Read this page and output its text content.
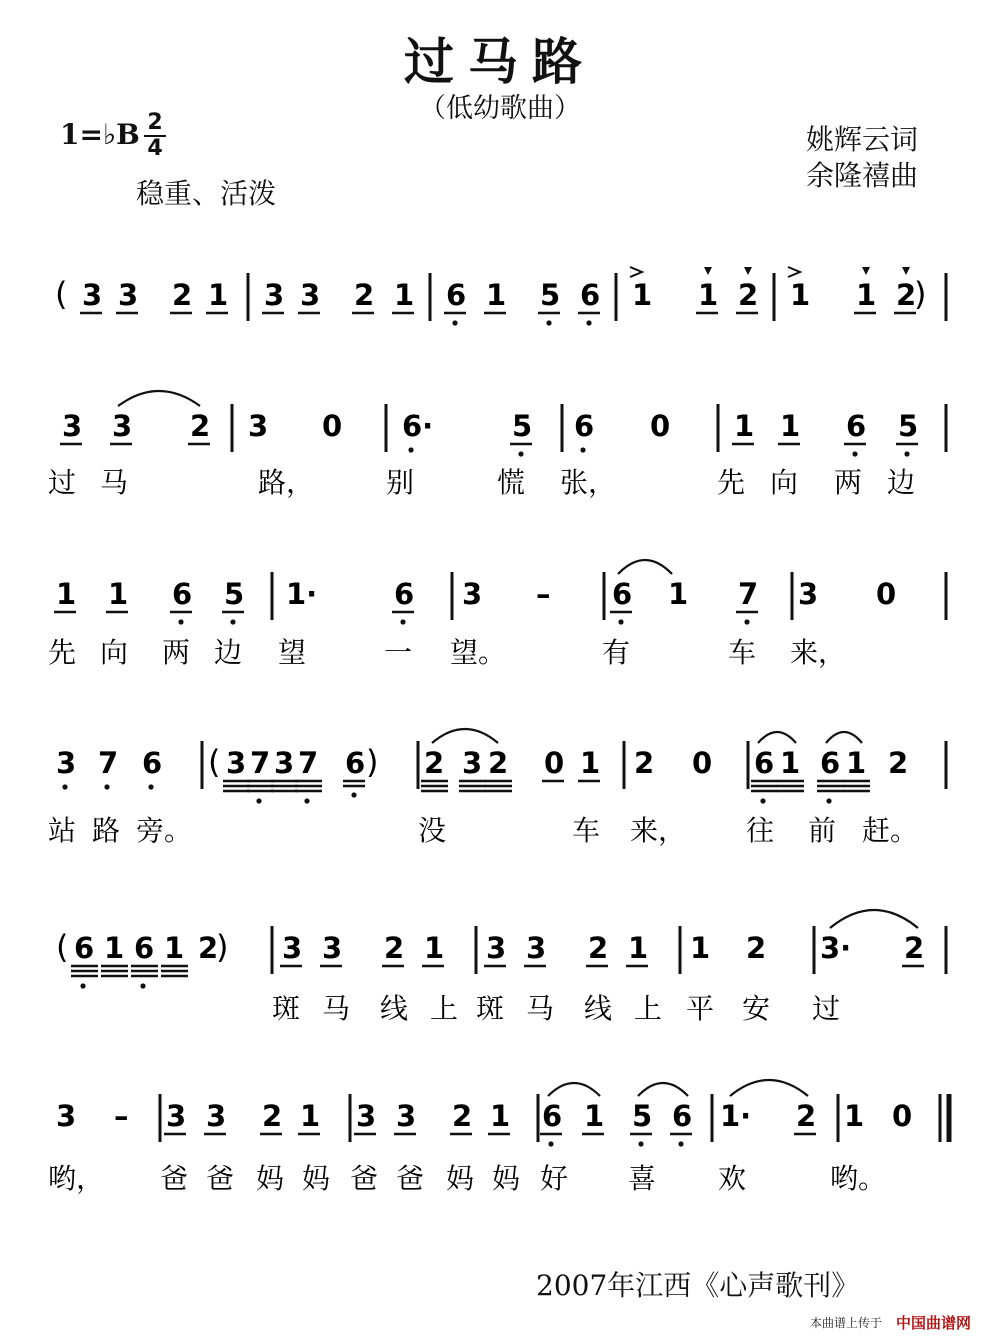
过马路
（低幼歌曲）
1=♭B 2
4
稳重、活泼
姚辉云词
余隆禧曲
( 3 3 2 1 3 3 2 1 6 1 5 6 1 1 2 1 1 2
)
3 3 2 3 0 6·	5 6 0 1 1 6 5
过 马	路，	别	慌 张，	先 向 两 边
1 1 6 5 1·	6 3 – 6 1 7 3 0
先 向 两 边 望	一 望。	有	车 来，
3 7 6 ( 3 7 3 7 6 ) 2 3 2 0 1 2 0 6 1 6 1 2
站 路 旁。	没	车 来， 往 前 赶。
( 6 1 6 1 2
) 3 3 2 1 3 3 2 1 1 2 3· 2
斑 马 线 上 斑 马 线 上 平 安 过
3 – 3 3 2 1 3 3 2 1 6 1 5 6 1· 2 1 0
哟， 爸 爸 妈 妈 爸 爸 妈 妈 好 喜 欢	哟。
2007年江西《心声歌刊》
本曲谱上传于 中国曲谱网
